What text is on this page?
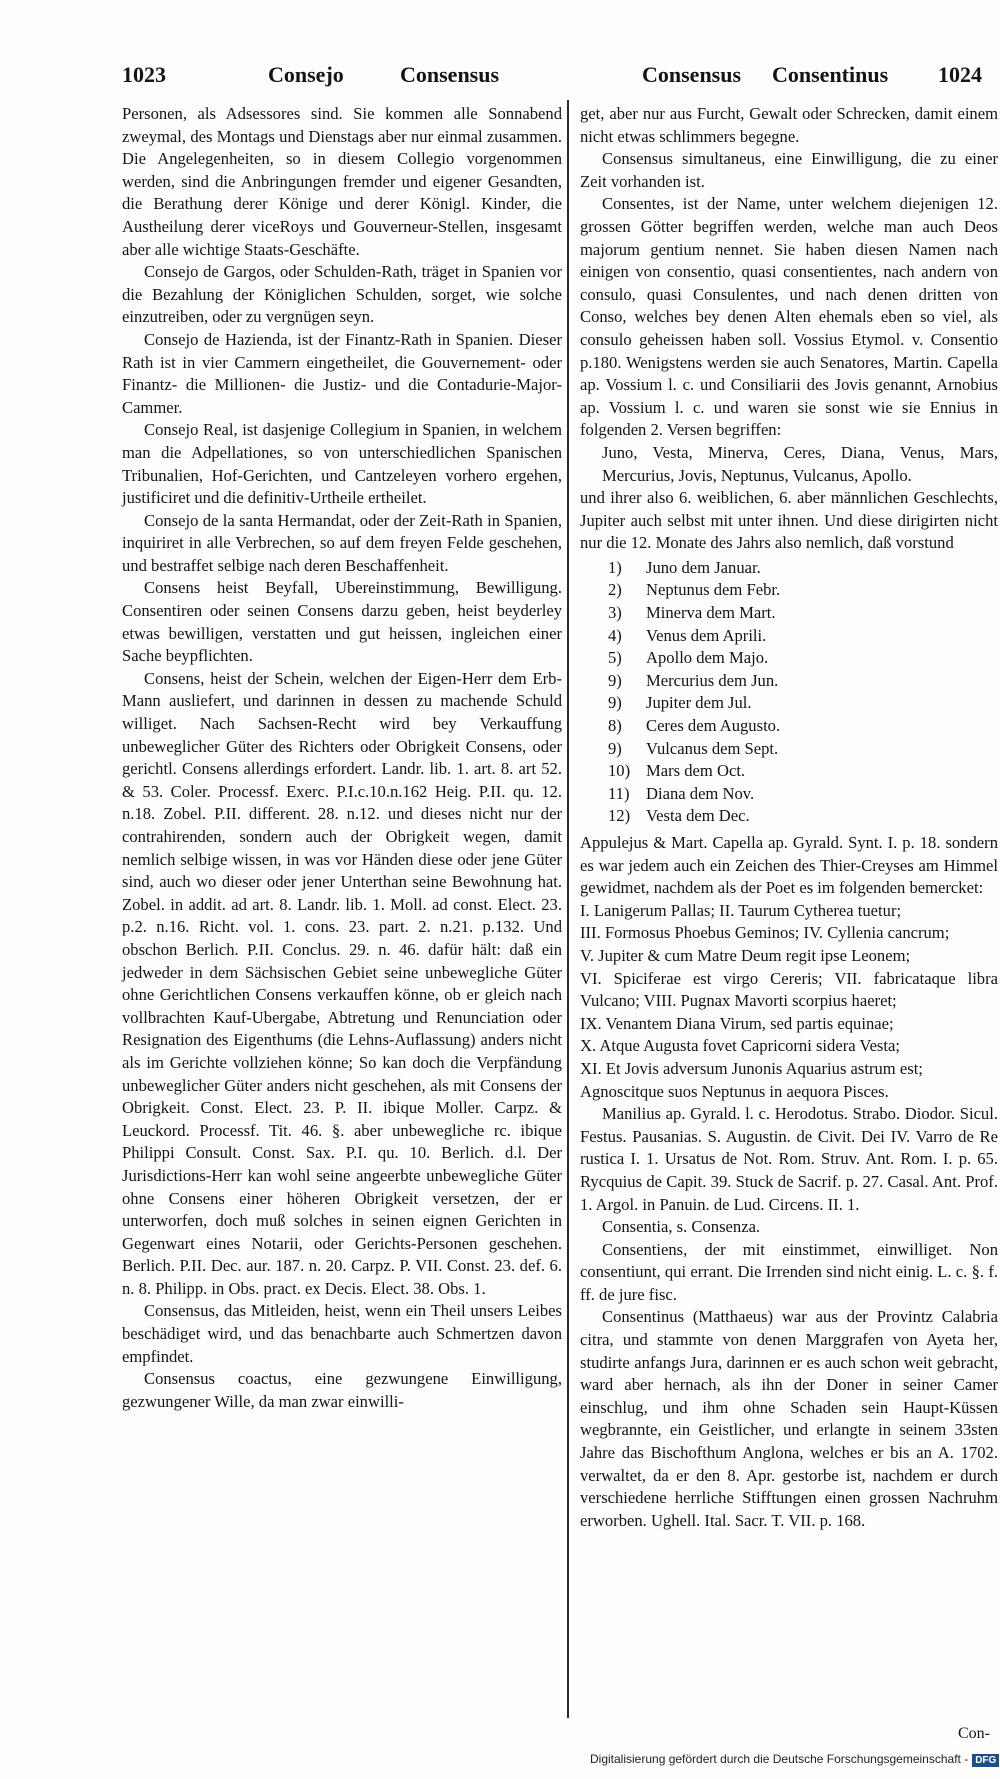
1023	Consejo	Consensus	Consensus Consentinus 1024

Personen, als Adsessores sind. Sie kommen alle Sonnabend zweymal, des Montags und Dienstags aber nur einmal zusammen. Die Angelegenheiten, so in diesem Collegio vorgenommen werden, sind die Anbringungen fremder und eigener Gesandten, die Berathung derer Könige und derer Königl. Kinder, die Austheilung derer viceRoys und Gouverneur-Stellen, insgesamt aber alle wichtige Staats-Geschäfte.

Consejo de Gargos, oder Schulden-Rath, träget in Spanien vor die Bezahlung der Königlichen Schulden, sorget, wie solche einzutreiben, oder zu vergnügen seyn.

Consejo de Hazienda, ist der Finantz-Rath in Spanien. Dieser Rath ist in vier Cammern eingetheilet, die Gouvernement- oder Finantz- die Millionen- die Justiz- und die Contadurie-Major-Cammer.

Consejo Real, ist dasjenige Collegium in Spanien, in welchem man die Adpellationes, so von unterschiedlichen Spanischen Tribunalien, Hof-Gerichten, und Cantzeleyen vorhero ergehen, justificiret und die definitiv-Urtheile ertheilet.

Consejo de la santa Hermandat, oder der Zeit-Rath in Spanien, inquiriret in alle Verbrechen, so auf dem freyen Felde geschehen, und bestraffet selbige nach deren Beschaffenheit.

Consens heist Beyfall, Ubereinstimmung, Bewilligung. Consentiren oder seinen Consens darzu geben, heist beyderley etwas bewilligen, verstatten und gut heissen, ingleichen einer Sache beypflichten.

Consens, heist der Schein, welchen der Eigen-Herr dem Erb-Mann ausliefert, und darinnen in dessen zu machende Schuld williget. Nach Sachsen-Recht wird bey Verkauffung unbeweglicher Güter des Richters oder Obrigkeit Consens, oder gerichtl. Consens allerdings erfordert. Landr. lib. 1. art. 8. art 52. & 53. Coler. Processf. Exerc. P.I.c.10.n.162 Heig. P.II. qu. 12. n.18. Zobel. P.II. different. 28. n.12. und dieses nicht nur der contrahirenden, sondern auch der Obrigkeit wegen, damit nemlich selbige wissen, in was vor Händen diese oder jene Güter sind, auch wo dieser oder jener Unterthan seine Bewohnung hat. Zobel. in addit. ad art. 8. Landr. lib. 1. Moll. ad const. Elect. 23. p.2. n.16. Richt. vol. 1. cons. 23. part. 2. n.21. p.132. Und obschon Berlich. P.II. Conclus. 29. n. 46. dafür hält: daß ein jedweder in dem Sächsischen Gebiet seine unbewegliche Güter ohne Gerichtlichen Consens verkauffen könne, ob er gleich nach vollbrachten Kauf-Ubergabe, Abtretung und Renunciation oder Resignation des Eigenthums (die Lehns-Auflassung) anders nicht als im Gerichte vollziehen könne; So kan doch die Verpfändung unbeweglicher Güter anders nicht geschehen, als mit Consens der Obrigkeit. Const. Elect. 23. P. II. ibique Moller. Carpz. & Leuckord. Processf. Tit. 46. §. aber unbewegliche rc. ibique Philippi Consult. Const. Sax. P.I. qu. 10. Berlich. d.l. Der Jurisdictions-Herr kan wohl seine angeerbte unbewegliche Güter ohne Consens einer höheren Obrigkeit versetzen, der er unterworfen, doch muß solches in seinen eignen Gerichten in Gegenwart eines Notarii, oder Gerichts-Personen geschehen. Berlich. P.II. Dec. aur. 187. n. 20. Carpz. P. VII. Const. 23. def. 6. n. 8. Philipp. in Obs. pract. ex Decis. Elect. 38. Obs. 1.

Consensus, das Mitleiden, heist, wenn ein Theil unsers Leibes beschädiget wird, und das benachbarte auch Schmertzen davon empfindet.

Consensus coactus, eine gezwungene Einwilligung, gezwungener Wille, da man zwar einwilli-

get, aber nur aus Furcht, Gewalt oder Schrecken, damit einem nicht etwas schlimmers begegne.

Consensus simultaneus, eine Einwilligung, die zu einer Zeit vorhanden ist.

Consentes, ist der Name, unter welchem diejenigen 12. grossen Götter begriffen werden, welche man auch Deos majorum gentium nennet. Sie haben diesen Namen nach einigen von consentio, quasi consentientes, nach andern von consulo, quasi Consulentes, und nach denen dritten von Conso, welches bey denen Alten ehemals eben so viel, als consulo geheissen haben soll. Vossius Etymol. v. Consentio p.180. Wenigstens werden sie auch Senatores, Martin. Capella ap. Vossium l. c. und Consiliarii des Jovis genannt, Arnobius ap. Vossium l. c. und waren sie sonst wie sie Ennius in folgenden 2. Versen begriffen:

Juno, Vesta, Minerva, Ceres, Diana, Venus, Mars, Mercurius, Jovis, Neptunus, Vulcanus, Apollo.

und ihrer also 6. weiblichen, 6. aber männlichen Geschlechts, Jupiter auch selbst mit unter ihnen. Und diese dirigirten nicht nur die 12. Monate des Jahrs also nemlich, daß vorstund

1) Juno dem Januar.
2) Neptunus dem Febr.
3) Minerva dem Mart.
4) Venus dem Aprili.
5) Apollo dem Majo.
9) Mercurius dem Jun.
9) Jupiter dem Jul.
8) Ceres dem Augusto.
9) Vulcanus dem Sept.
10) Mars dem Oct.
11) Diana dem Nov.
12) Vesta dem Dec.

Appulejus & Mart. Capella ap. Gyrald. Synt. I. p. 18. sondern es war jedem auch ein Zeichen des Thier-Creyses am Himmel gewidmet, nachdem als der Poet es im folgenden bemercket:

I. Lanigerum Pallas; II. Taurum Cytherea tuetur;

III. Formosus Phoebus Geminos; IV. Cyllenia cancrum;

V. Jupiter & cum Matre Deum regit ipse Leonem;

VI. Spiciferae est virgo Cereris; VII. fabricataque libra Vulcano; VIII. Pugnax Mavorti scorpius haeret;

IX. Venantem Diana Virum, sed partis equinae;

X. Atque Augusta fovet Capricorni sidera Vesta;

XI. Et Jovis adversum Junonis Aquarius astrum est;

Agnoscitque suos Neptunus in aequora Pisces.

Manilius ap. Gyrald. l. c. Herodotus. Strabo. Diodor. Sicul. Festus. Pausanias. S. Augustin. de Civit. Dei IV. Varro de Re rustica I. 1. Ursatus de Not. Rom. Struv. Ant. Rom. I. p. 65. Rycquius de Capit. 39. Stuck de Sacrif. p. 27. Casal. Ant. Prof. 1. Argol. in Panuin. de Lud. Circens. II. 1.

Consentia, s. Consenza.

Consentiens, der mit einstimmet, einwilliget. Non consentiunt, qui errant. Die Irrenden sind nicht einig. L. c. §. f. ff. de jure fisc.

Consentinus (Matthaeus) war aus der Provintz Calabria citra, und stammte von denen Marggrafen von Ayeta her, studirte anfangs Jura, darinnen er es auch schon weit gebracht, ward aber hernach, als ihn der Doner in seiner Camer einschlug, und ihm ohne Schaden sein Haupt-Küssen wegbrannte, ein Geistlicher, und erlangte in seinem 33sten Jahre das Bischofthum Anglona, welches er bis an A. 1702. verwaltet, da er den 8. Apr. gestorbe ist, nachdem er durch verschiedene herrliche Stifftungen einen grossen Nachruhm erworben. Ughell. Ital. Sacr. T. VII. p. 168.

Con-
Digitalisierung gefördert durch die Deutsche Forschungsgemeinschaft - DFG
